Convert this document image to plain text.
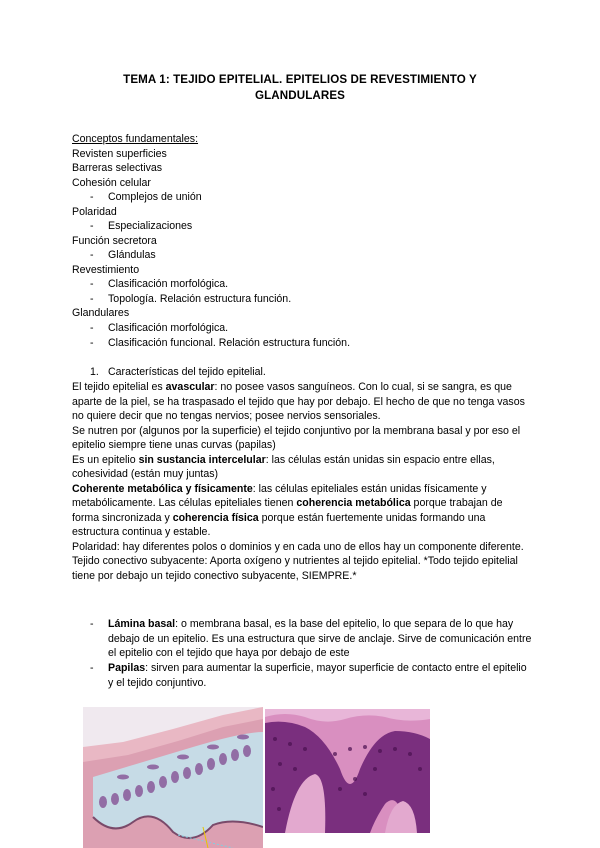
TEMA 1: TEJIDO EPITELIAL. EPITELIOS DE REVESTIMIENTO Y
GLANDULARES
Conceptos fundamentales:
Revisten superficies
Barreras selectivas
Cohesión celular
- Complejos de unión
Polaridad
- Especializaciones
Función secretora
- Glándulas
Revestimiento
- Clasificación morfológica.
- Topología. Relación estructura función.
Glandulares
- Clasificación morfológica.
- Clasificación funcional. Relación estructura función.
1. Características del tejido epitelial.

El tejido epitelial es avascular: no posee vasos sanguíneos. Con lo cual, si se sangra, es que aparte de la piel, se ha traspasado el tejido que hay por debajo. El hecho de que no tenga vasos no quiere decir que no tengas nervios; posee nervios sensoriales.

Se nutren por (algunos por la superficie) el tejido conjuntivo por la membrana basal y por eso el epitelio siempre tiene unas curvas (papilas)

Es un epitelio sin sustancia intercelular: las células están unidas sin espacio entre ellas, cohesividad (están muy juntas)

Coherente metabólica y físicamente: las células epiteliales están unidas físicamente y metabólicamente. Las células epiteliales tienen coherencia metabólica porque trabajan de forma sincronizada y coherencia física porque están fuertemente unidas formando una estructura continua y estable.

Polaridad: hay diferentes polos o dominios y en cada uno de ellos hay un componente diferente.

Tejido conectivo subyacente: Aporta oxígeno y nutrientes al tejido epitelial. *Todo tejido epitelial tiene por debajo un tejido conectivo subyacente, SIEMPRE.*

- Lámina basal: o membrana basal, es la base del epitelio, lo que separa de lo que hay debajo de un epitelio. Es una estructura que sirve de anclaje. Sirve de comunicación entre el epitelio con el tejido que haya por debajo de este
- Papilas: sirven para aumentar la superficie, mayor superficie de contacto entre el epitelio y el tejido conjuntivo.
